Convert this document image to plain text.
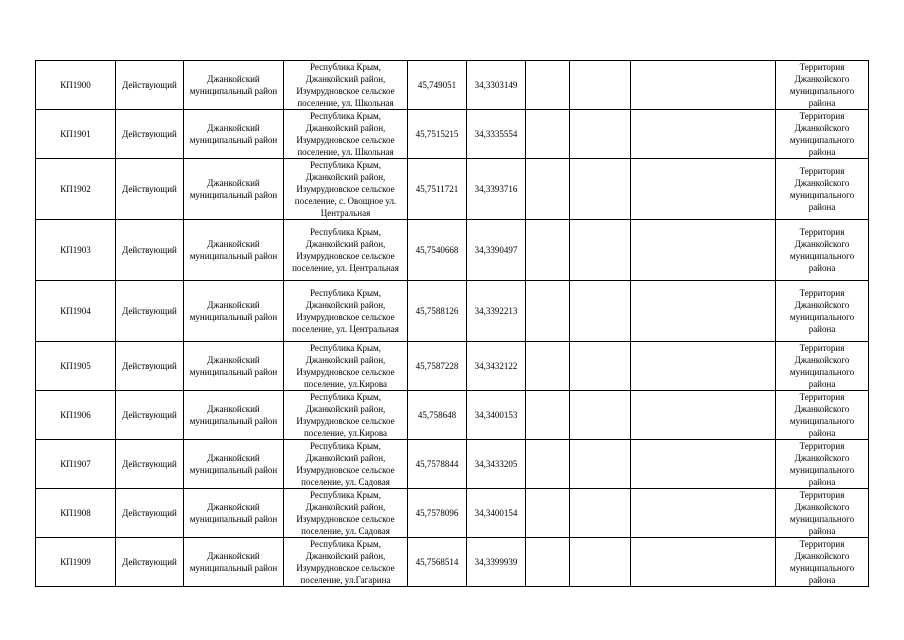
КП1900	Действующий	Джанкойский муниципальный район	Республика Крым, Джанкойский район, Изумрудновское сельское поселение, ул. Школьная	45,749051	34,3303149				Территория Джанкойского муниципального района
КП1901	Действующий	Джанкойский муниципальный район	Республика Крым, Джанкойский район, Изумрудновское сельское поселение, ул. Школьная	45,7515215	34,3335554				Территория Джанкойского муниципального района
КП1902	Действующий	Джанкойский муниципальный район	Республика Крым, Джанкойский район, Изумрудновское сельское поселение, с. Овощное ул. Центральная	45,7511721	34,3393716				Территория Джанкойского муниципального района
КП1903	Действующий	Джанкойский муниципальный район	Республика Крым, Джанкойский район, Изумрудновское сельское поселение, ул. Центральная	45,7540668	34,3390497				Территория Джанкойского муниципального района
КП1904	Действующий	Джанкойский муниципальный район	Республика Крым, Джанкойский район, Изумрудновское сельское поселение, ул. Центральная	45,7588126	34,3392213				Территория Джанкойского муниципального района
КП1905	Действующий	Джанкойский муниципальный район	Республика Крым, Джанкойский район, Изумрудновское сельское поселение, ул.Кирова	45,7587228	34,3432122				Территория Джанкойского муниципального района
КП1906	Действующий	Джанкойский муниципальный район	Республика Крым, Джанкойский район, Изумрудновское сельское поселение, ул.Кирова	45,758648	34,3400153				Территория Джанкойского муниципального района
КП1907	Действующий	Джанкойский муниципальный район	Республика Крым, Джанкойский район, Изумрудновское сельское поселение, ул. Садовая	45,7578844	34,3433205				Территория Джанкойского муниципального района
КП1908	Действующий	Джанкойский муниципальный район	Республика Крым, Джанкойский район, Изумрудновское сельское поселение, ул. Садовая	45,7578096	34,3400154				Территория Джанкойского муниципального района
КП1909	Действующий	Джанкойский муниципальный район	Республика Крым, Джанкойский район, Изумрудновское сельское поселение, ул.Гагарина	45,7568514	34,3399939				Территория Джанкойского муниципального района
